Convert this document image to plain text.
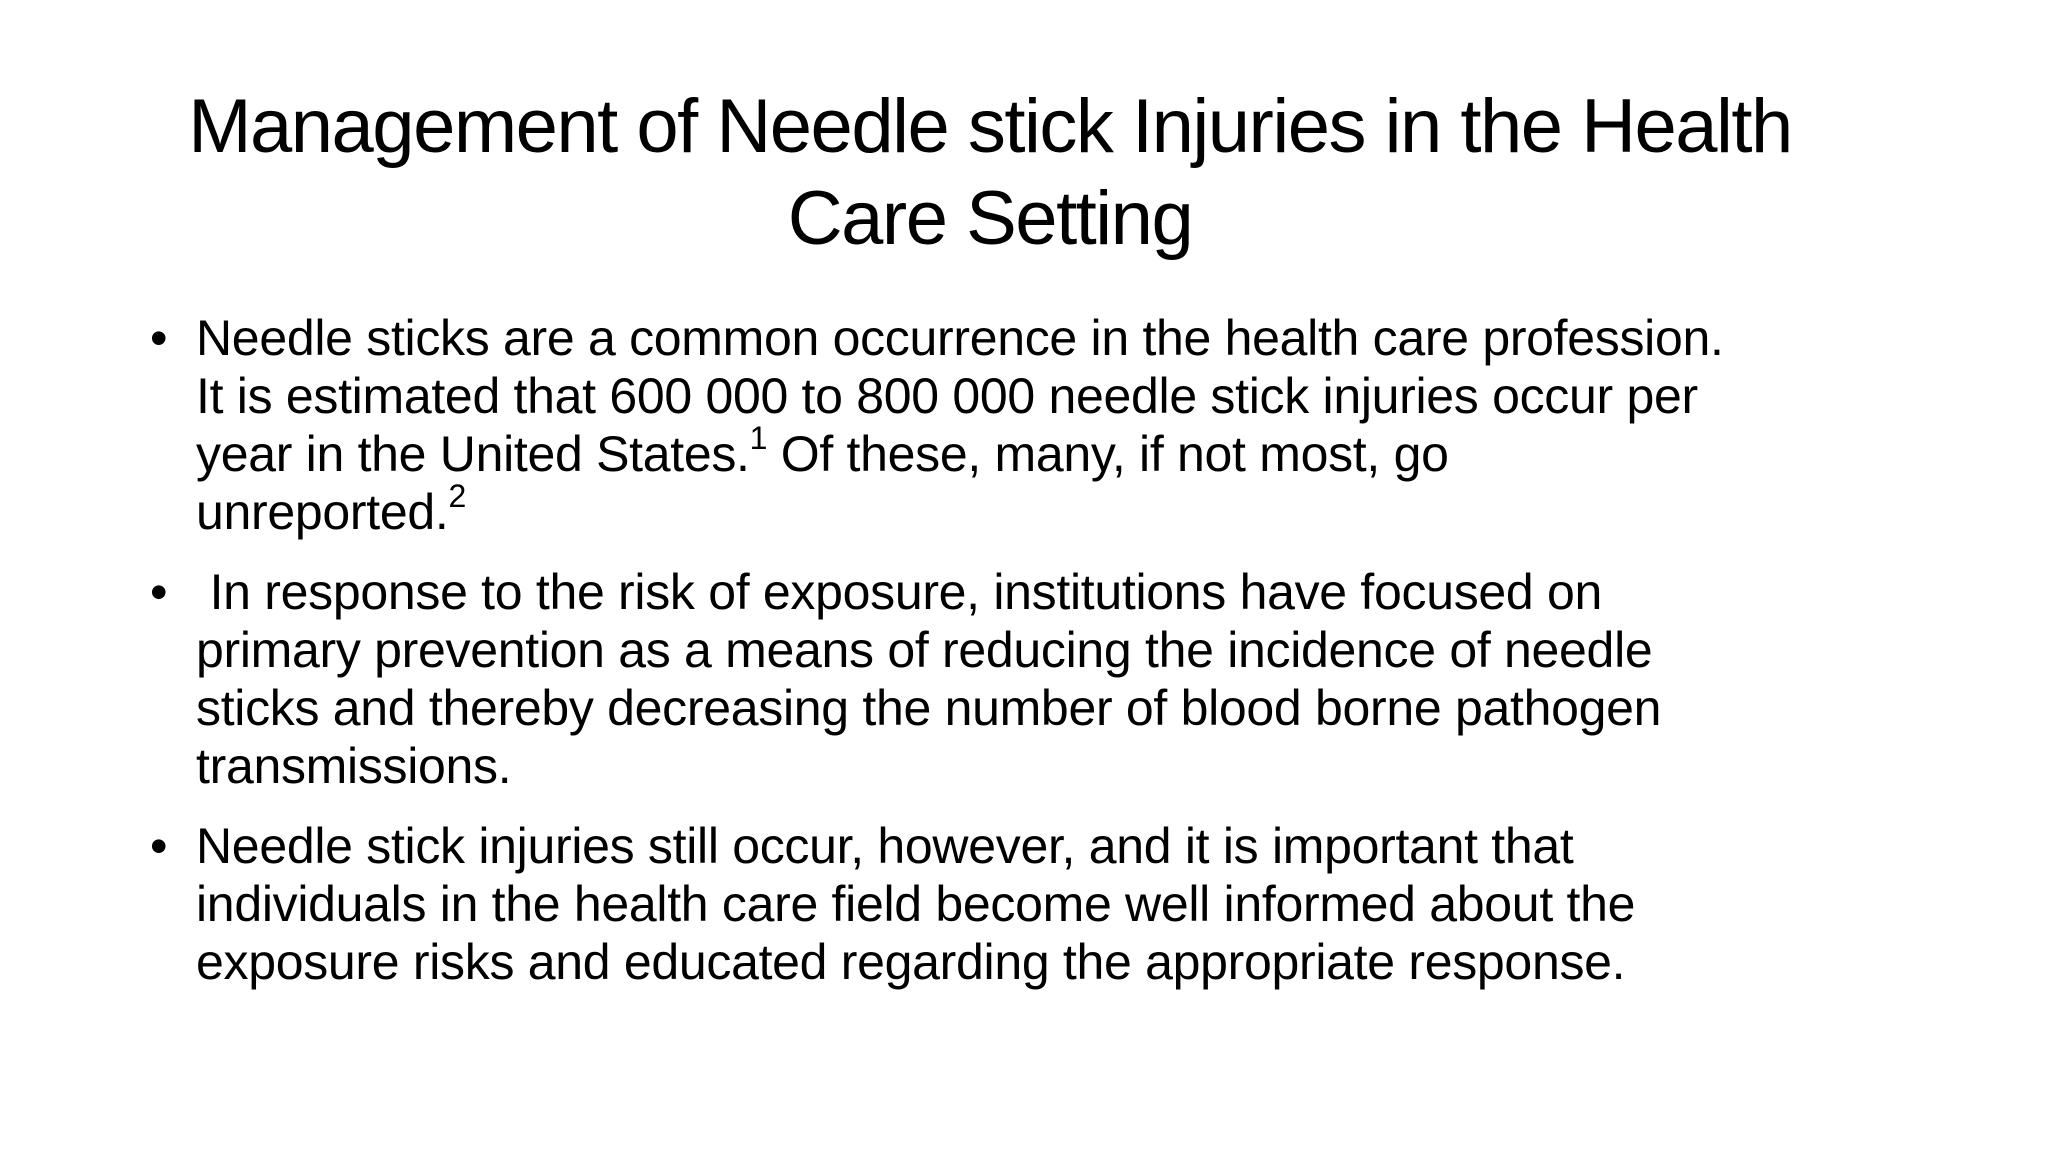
Management of Needle stick Injuries in the Health
Care Setting
• Needle sticks are a common occurrence in the health care profession.
It is estimated that 600 000 to 800 000 needle stick injuries occur per
year in the United States.$^1$ Of these, many, if not most, go
unreported.$^2$
• In response to the risk of exposure, institutions have focused on
primary prevention as a means of reducing the incidence of needle
sticks and thereby decreasing the number of blood borne pathogen
transmissions.
• Needle stick injuries still occur, however, and it is important that
individuals in the health care field become well informed about the
exposure risks and educated regarding the appropriate response.
